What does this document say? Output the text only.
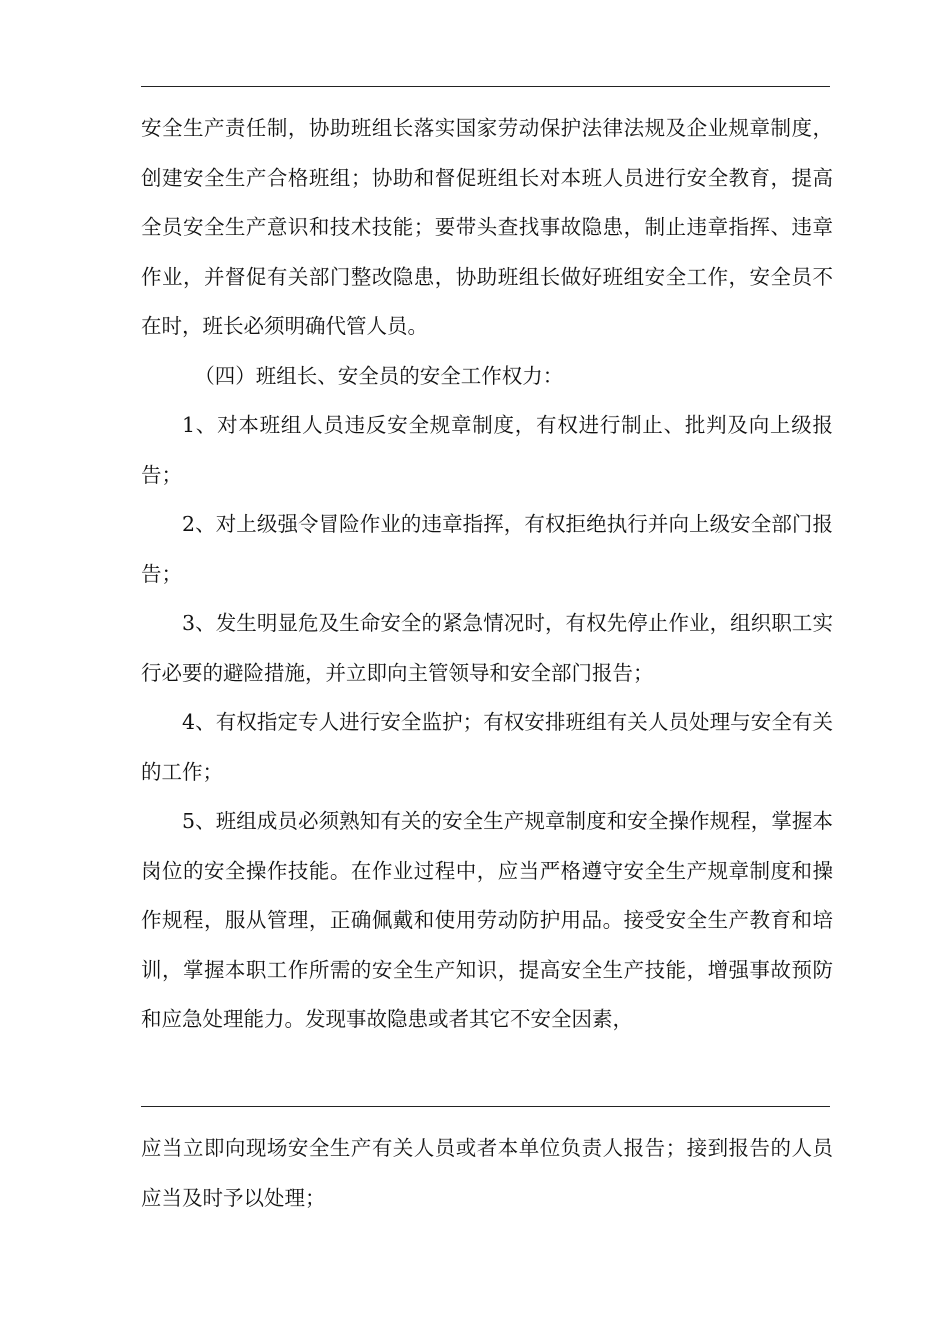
安全生产责任制，协助班组长落实国家劳动保护法律法规及企业规章制度，创建安全生产合格班组；协助和督促班组长对本班人员进行安全教育，提高全员安全生产意识和技术技能；要带头查找事故隐患，制止违章指挥、违章作业，并督促有关部门整改隐患，协助班组长做好班组安全工作，安全员不在时，班长必须明确代管人员。

（四）班组长、安全员的安全工作权力：

1、对本班组人员违反安全规章制度，有权进行制止、批判及向上级报告；

2、对上级强令冒险作业的违章指挥，有权拒绝执行并向上级安全部门报告；

3、发生明显危及生命安全的紧急情况时，有权先停止作业，组织职工实行必要的避险措施，并立即向主管领导和安全部门报告；

4、有权指定专人进行安全监护；有权安排班组有关人员处理与安全有关的工作；

5、班组成员必须熟知有关的安全生产规章制度和安全操作规程，掌握本岗位的安全操作技能。在作业过程中，应当严格遵守安全生产规章制度和操作规程，服从管理，正确佩戴和使用劳动防护用品。接受安全生产教育和培训，掌握本职工作所需的安全生产知识，提高安全生产技能，增强事故预防和应急处理能力。发现事故隐患或者其它不安全因素，

应当立即向现场安全生产有关人员或者本单位负责人报告；接到报告的人员应当及时予以处理；
